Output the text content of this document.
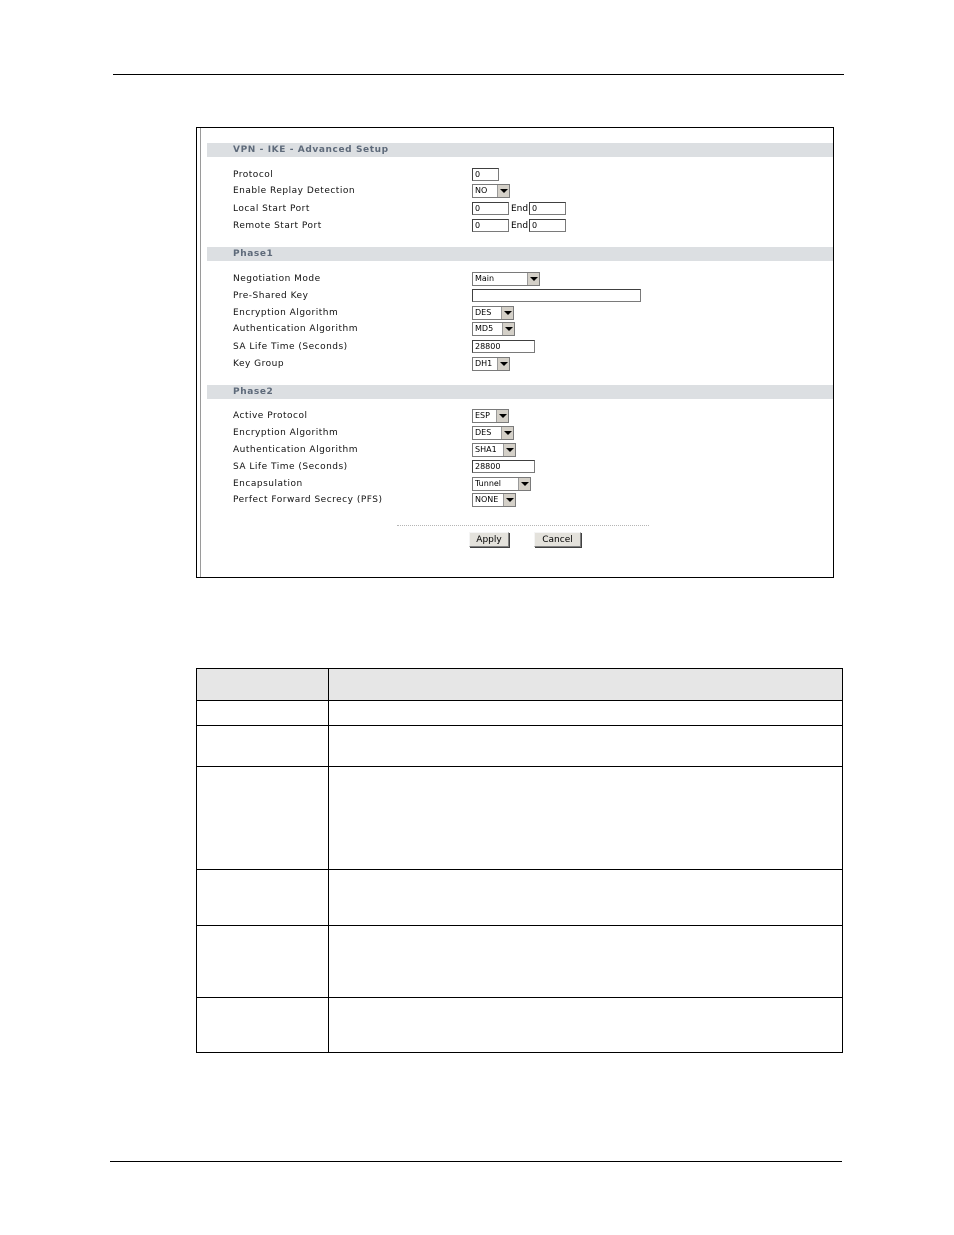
VPN - IKE - Advanced Setup
Protocol	0
Enable Replay Detection	NO
Local Start Port	0	End 0
Remote Start Port	0	End 0
Phase1
Negotiation Mode	Main
Pre-Shared Key
Encryption Algorithm	DES
Authentication Algorithm	MD5
SA Life Time (Seconds)	28800
Key Group	DH1
Phase2
Active Protocol	ESP
Encryption Algorithm	DES
Authentication Algorithm	SHA1
SA Life Time (Seconds)	28800
Encapsulation	Tunnel
Perfect Forward Secrecy (PFS)	NONE
Apply	Cancel
